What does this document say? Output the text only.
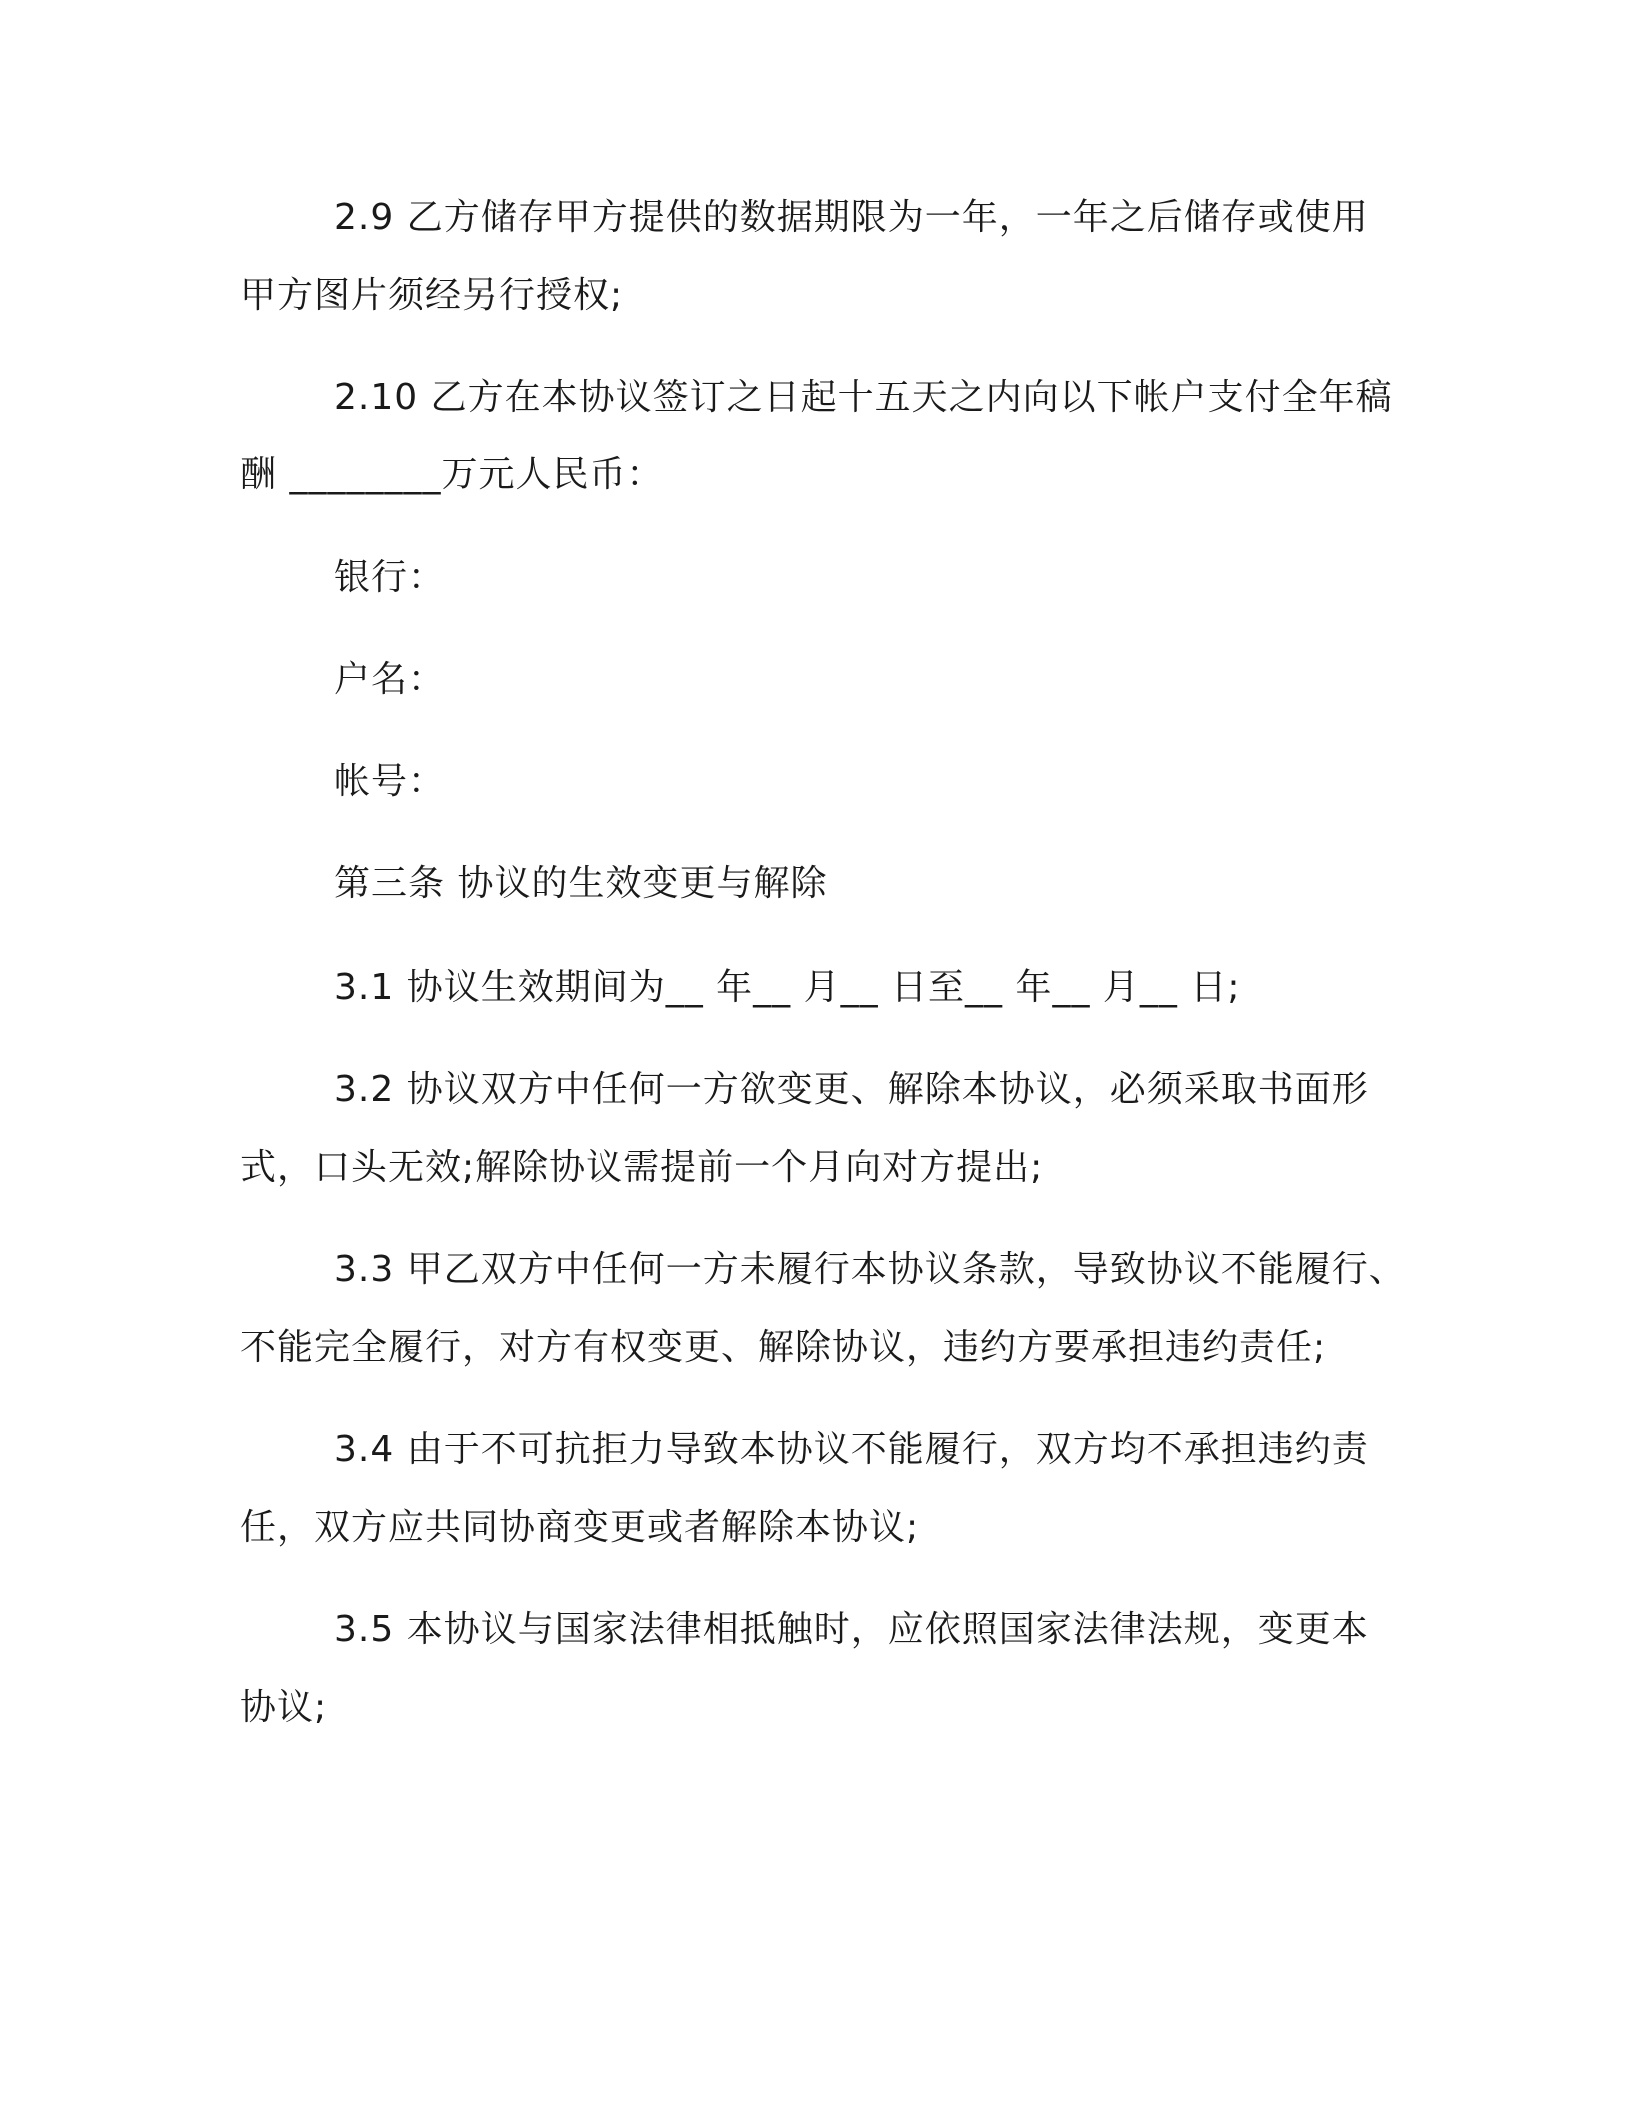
2.9 乙方储存甲方提供的数据期限为一年，一年之后储存或使用

甲方图片须经另行授权;

2.10 乙方在本协议签订之日起十五天之内向以下帐户支付全年稿

酬 ________万元人民币：

银行：

户名：

帐号：

第三条 协议的生效变更与解除

3.1 协议生效期间为__ 年__ 月__ 日至__ 年__ 月__ 日;

3.2 协议双方中任何一方欲变更、解除本协议，必须采取书面形

式，口头无效;解除协议需提前一个月向对方提出;

3.3 甲乙双方中任何一方未履行本协议条款，导致协议不能履行、

不能完全履行，对方有权变更、解除协议，违约方要承担违约责任;

3.4 由于不可抗拒力导致本协议不能履行，双方均不承担违约责

任，双方应共同协商变更或者解除本协议;

3.5 本协议与国家法律相抵触时，应依照国家法律法规，变更本

协议;
